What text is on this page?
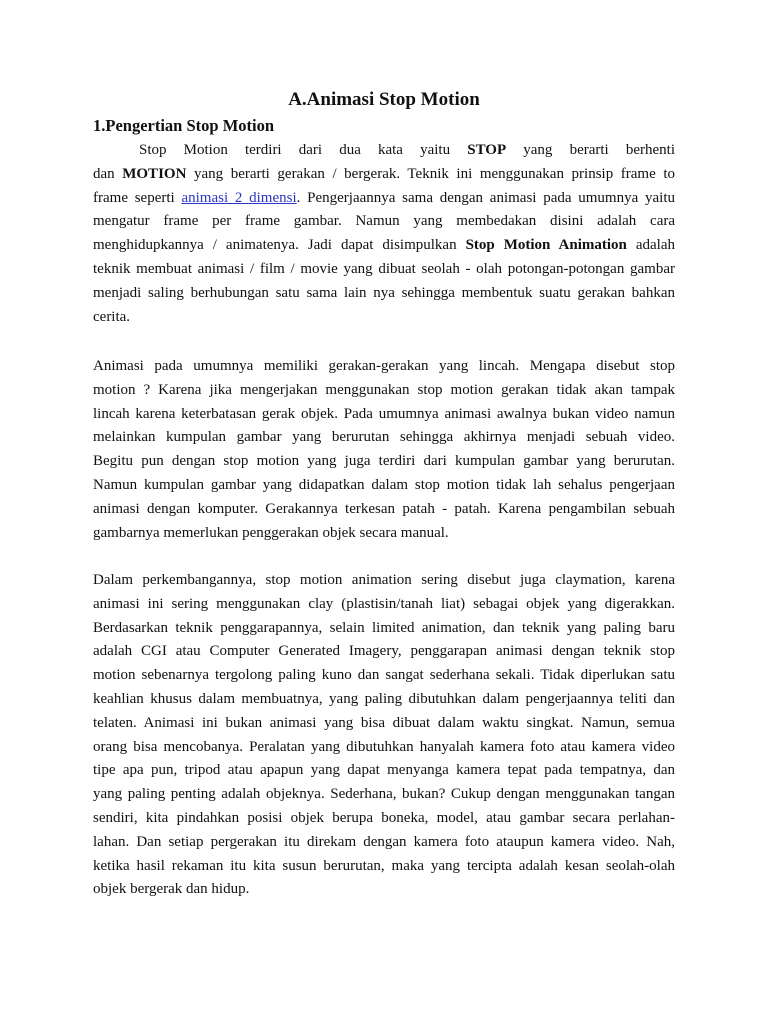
A.Animasi Stop Motion
1.Pengertian Stop Motion
Stop Motion terdiri dari dua kata yaitu STOP yang berarti berhenti
dan MOTION yang berarti gerakan / bergerak. Teknik ini menggunakan prinsip frame to
frame seperti animasi 2 dimensi. Pengerjaannya sama dengan animasi pada umumnya yaitu
mengatur frame per frame gambar. Namun yang membedakan disini adalah cara
menghidupkannya / animatenya. Jadi dapat disimpulkan Stop Motion Animation adalah
teknik membuat animasi / film / movie yang dibuat seolah - olah potongan-potongan gambar
menjadi saling berhubungan satu sama lain nya sehingga membentuk suatu gerakan bahkan
cerita.
Animasi pada umumnya memiliki gerakan-gerakan yang lincah. Mengapa disebut stop
motion ? Karena jika mengerjakan menggunakan stop motion gerakan tidak akan tampak
lincah karena keterbatasan gerak objek. Pada umumnya animasi awalnya bukan video namun
melainkan kumpulan gambar yang berurutan sehingga akhirnya menjadi sebuah video.
Begitu pun dengan stop motion yang juga terdiri dari kumpulan gambar yang berurutan.
Namun kumpulan gambar yang didapatkan dalam stop motion tidak lah sehalus pengerjaan
animasi dengan komputer. Gerakannya terkesan patah - patah. Karena pengambilan sebuah
gambarnya memerlukan penggerakan objek secara manual.
Dalam perkembangannya, stop motion animation sering disebut juga claymation, karena
animasi ini sering menggunakan clay (plastisin/tanah liat) sebagai objek yang digerakkan.
Berdasarkan teknik penggarapannya, selain limited animation, dan teknik yang paling baru
adalah CGI atau Computer Generated Imagery, penggarapan animasi dengan teknik stop
motion sebenarnya tergolong paling kuno dan sangat sederhana sekali. Tidak diperlukan satu
keahlian khusus dalam membuatnya, yang paling dibutuhkan dalam pengerjaannya teliti dan
telaten. Animasi ini bukan animasi yang bisa dibuat dalam waktu singkat. Namun, semua
orang bisa mencobanya. Peralatan yang dibutuhkan hanyalah kamera foto atau kamera video
tipe apa pun, tripod atau apapun yang dapat menyanga kamera tepat pada tempatnya, dan
yang paling penting adalah objeknya. Sederhana, bukan? Cukup dengan menggunakan tangan
sendiri, kita pindahkan posisi objek berupa boneka, model, atau gambar secara perlahan-
lahan. Dan setiap pergerakan itu direkam dengan kamera foto ataupun kamera video. Nah,
ketika hasil rekaman itu kita susun berurutan, maka yang tercipta adalah kesan seolah-olah
objek bergerak dan hidup.
